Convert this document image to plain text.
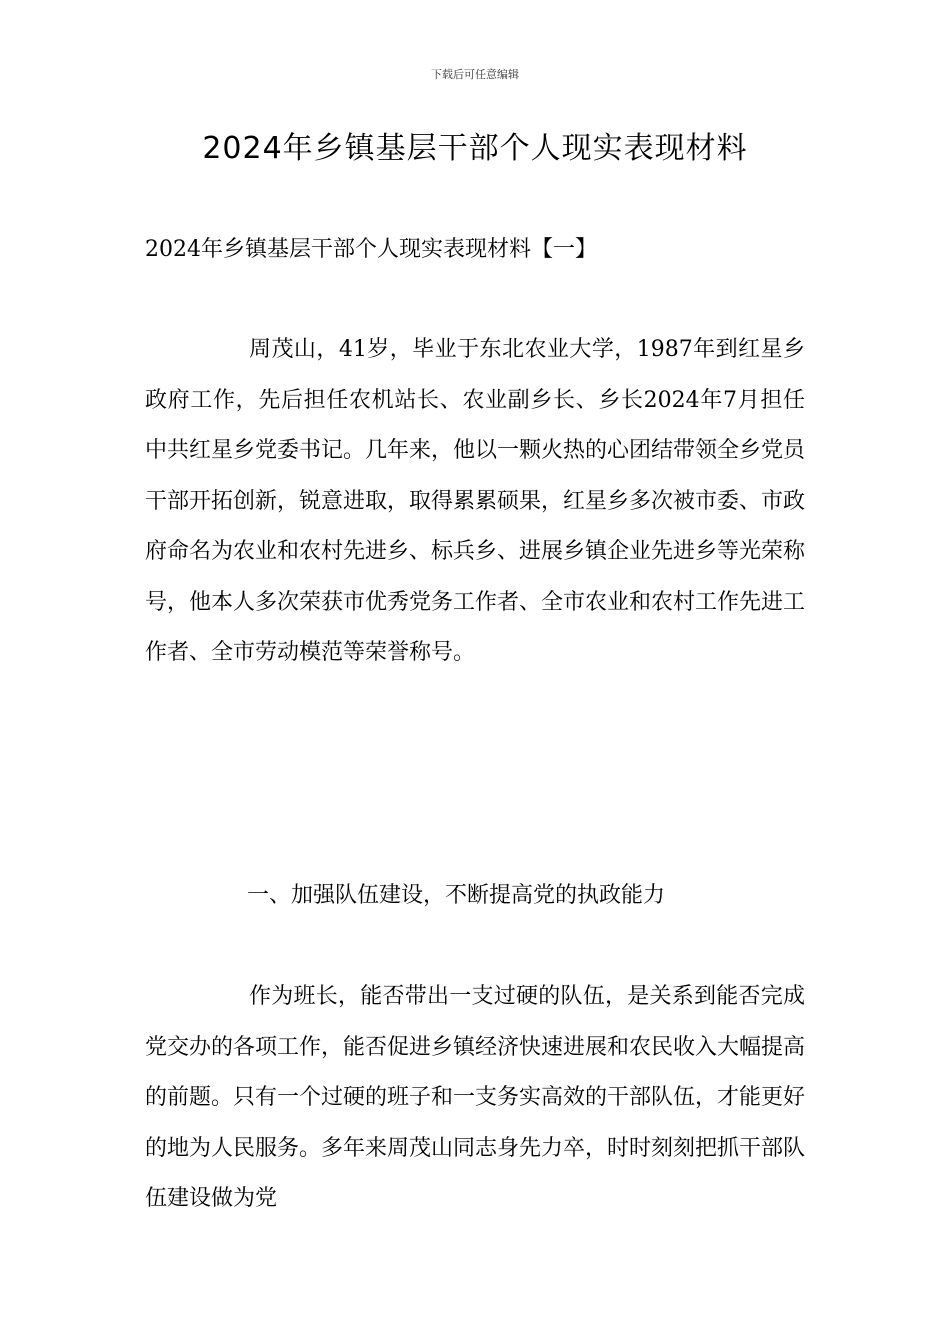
下载后可任意编辑
2024年乡镇基层干部个人现实表现材料
2024年乡镇基层干部个人现实表现材料【一】

周茂山，41岁，毕业于东北农业大学，1987年到红星乡政府工作，先后担任农机站长、农业副乡长、乡长2024年7月担任中共红星乡党委书记。几年来，他以一颗火热的心团结带领全乡党员干部开拓创新，锐意进取，取得累累硕果，红星乡多次被市委、市政府命名为农业和农村先进乡、标兵乡、进展乡镇企业先进乡等光荣称号，他本人多次荣获市优秀党务工作者、全市农业和农村工作先进工作者、全市劳动模范等荣誉称号。

一、加强队伍建设，不断提高党的执政能力

作为班长，能否带出一支过硬的队伍，是关系到能否完成党交办的各项工作，能否促进乡镇经济快速进展和农民收入大幅提高的前题。只有一个过硬的班子和一支务实高效的干部队伍，才能更好的地为人民服务。多年来周茂山同志身先力卒，时时刻刻把抓干部队伍建设做为党
